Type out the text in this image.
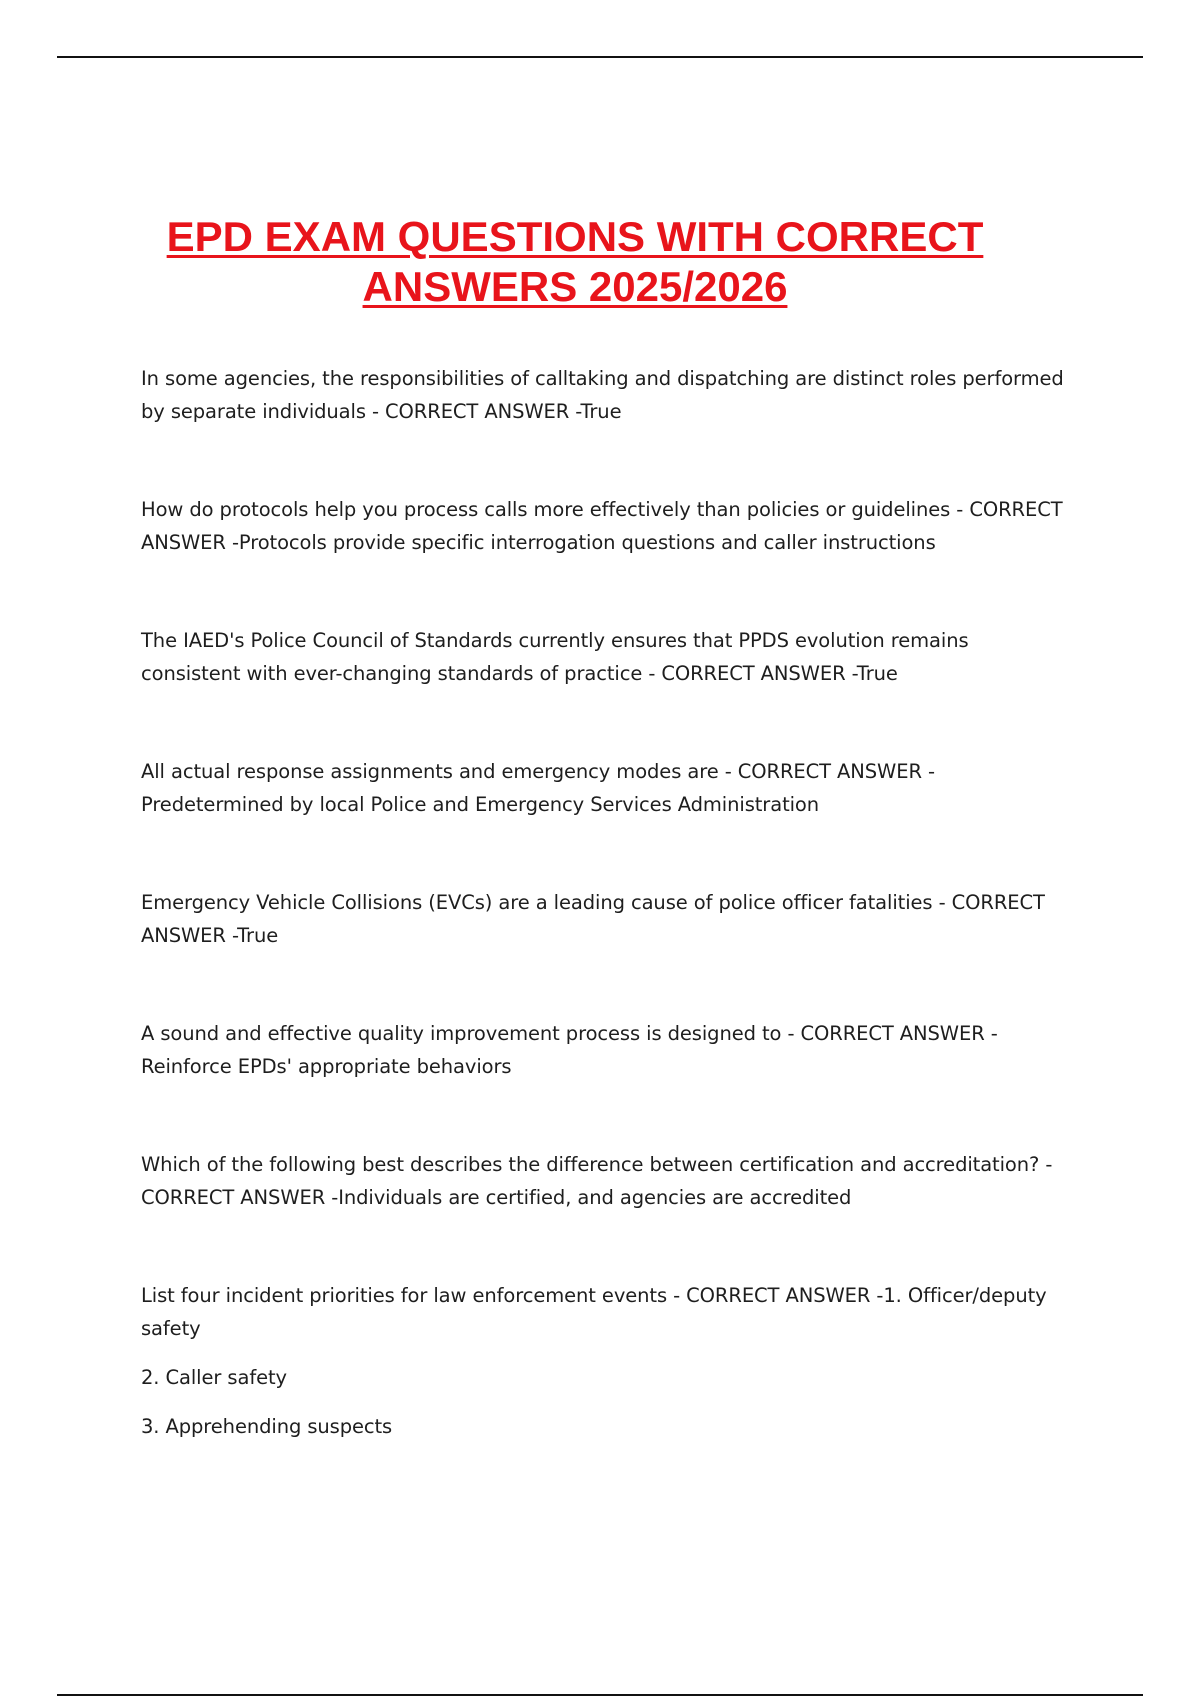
EPD EXAM QUESTIONS WITH CORRECT
ANSWERS 2025/2026
In some agencies, the responsibilities of calltaking and dispatching are distinct roles performed by separate individuals - CORRECT ANSWER -True
How do protocols help you process calls more effectively than policies or guidelines - CORRECT ANSWER -Protocols provide specific interrogation questions and caller instructions
The IAED's Police Council of Standards currently ensures that PPDS evolution remains consistent with ever-changing standards of practice - CORRECT ANSWER -True
All actual response assignments and emergency modes are - CORRECT ANSWER -Predetermined by local Police and Emergency Services Administration
Emergency Vehicle Collisions (EVCs) are a leading cause of police officer fatalities - CORRECT ANSWER -True
A sound and effective quality improvement process is designed to - CORRECT ANSWER -Reinforce EPDs' appropriate behaviors
Which of the following best describes the difference between certification and accreditation? - CORRECT ANSWER -Individuals are certified, and agencies are accredited
List four incident priorities for law enforcement events - CORRECT ANSWER -1. Officer/deputy safety
2. Caller safety
3. Apprehending suspects
